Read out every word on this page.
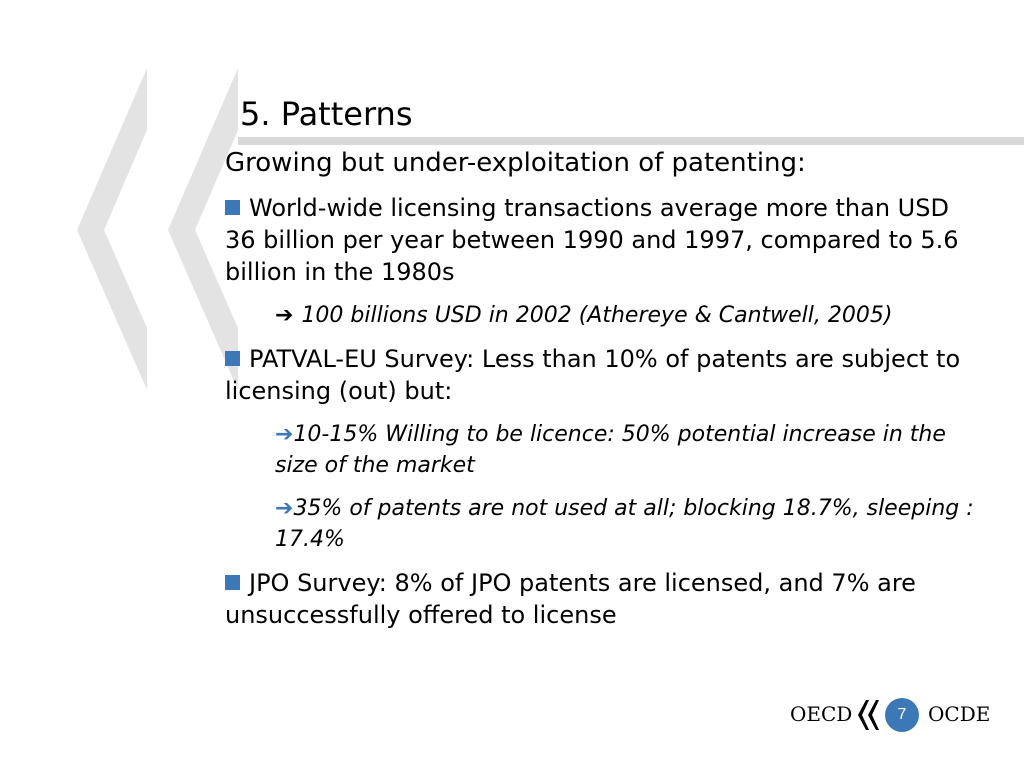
5. Patterns

Growing but under-exploitation of patenting:

World-wide licensing transactions average more than USD 36 billion per year between 1990 and 1997, compared to 5.6 billion in the 1980s

➔ 100 billions USD in 2002 (Athereye & Cantwell, 2005)

PATVAL-EU Survey: Less than 10% of patents are subject to licensing (out) but:

➔10-15% Willing to be licence: 50% potential increase in the size of the market

➔35% of patents are not used at all; blocking 18.7%, sleeping : 17.4%

JPO Survey: 8% of JPO patents are licensed, and 7% are unsuccessfully offered to license

OECD	7	OCDE
